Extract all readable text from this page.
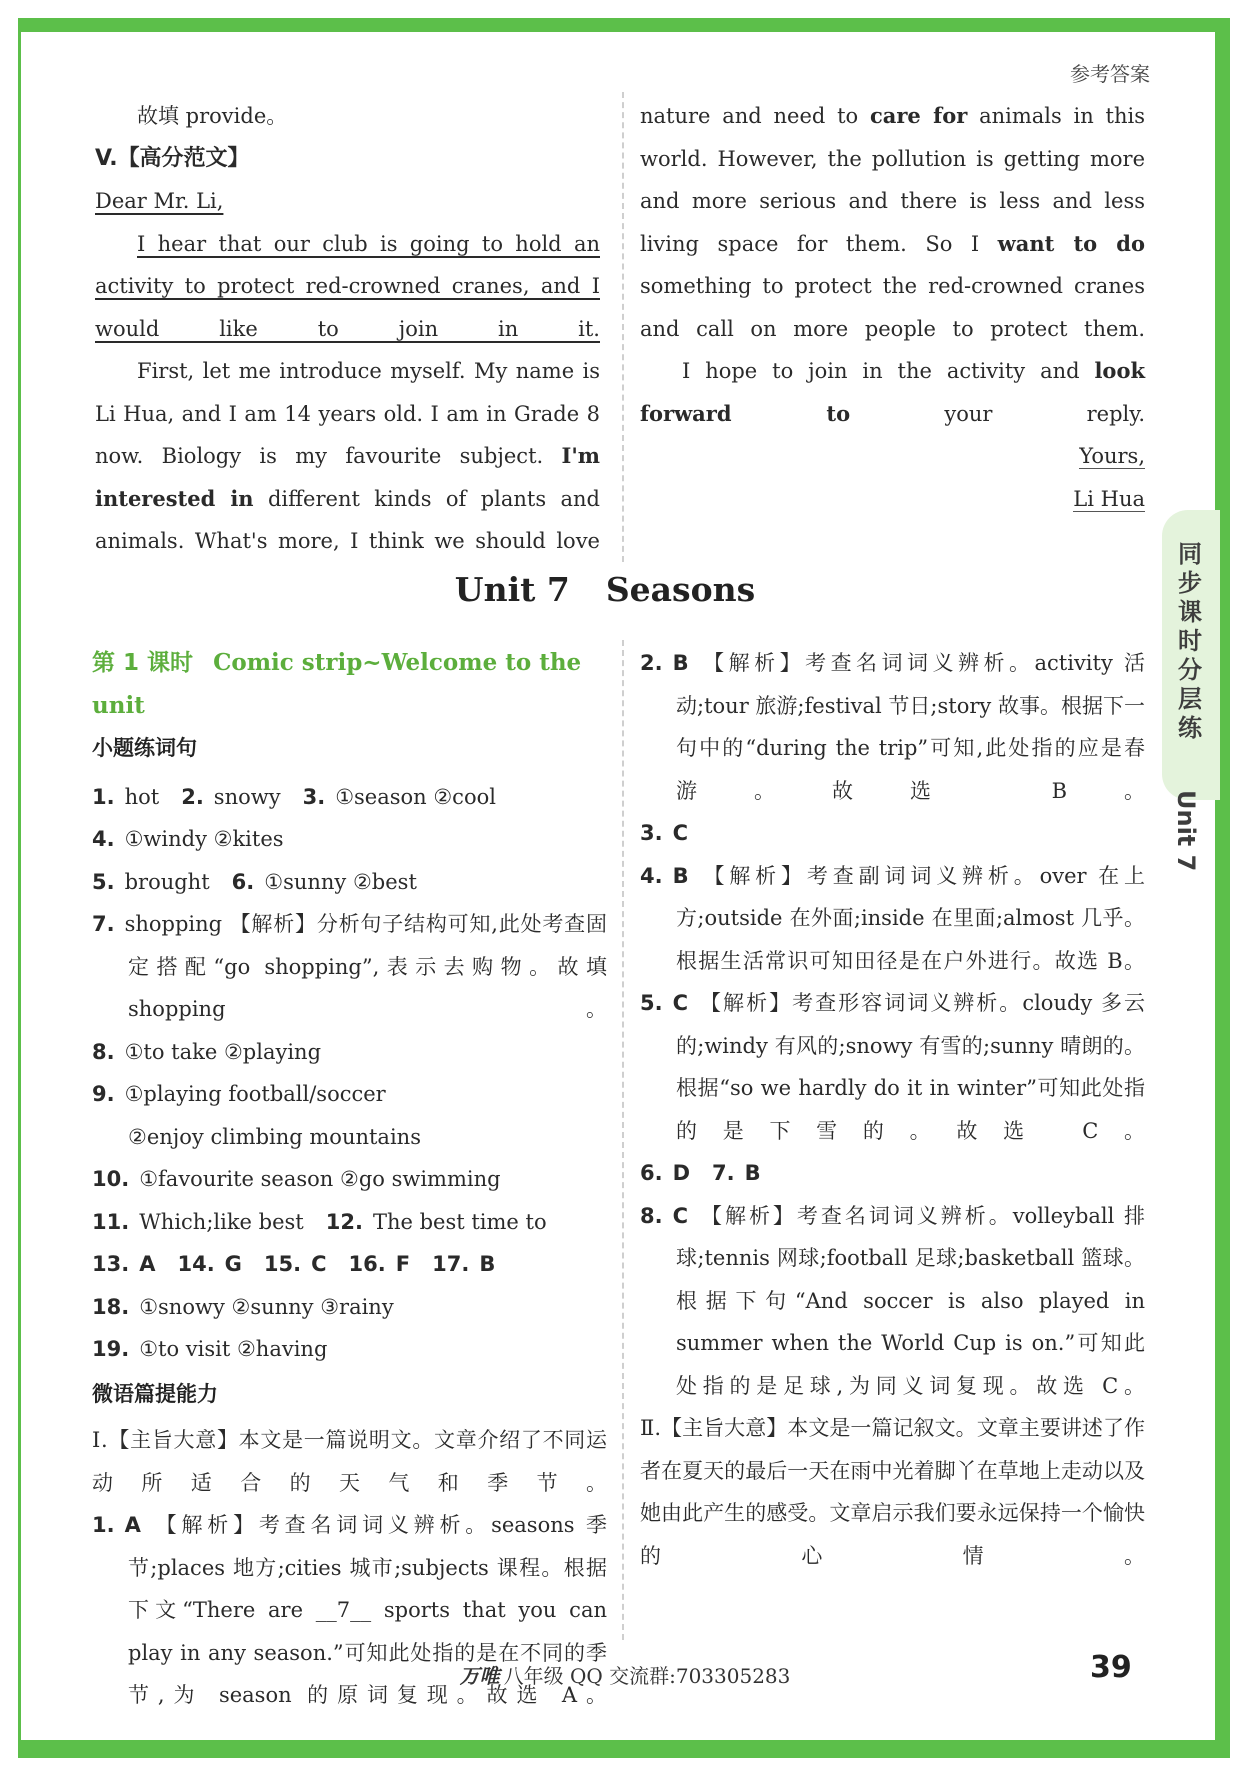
参考答案
同步课时分层练
Unit 7

故填 provide。

V.【高分范文】

Dear Mr. Li,

I hear that our club is going to hold an activity to protect red-crowned cranes, and I would like to join in it.

First, let me introduce myself. My name is Li Hua, and I am 14 years old. I am in Grade 8 now. Biology is my favourite subject. I'm interested in different kinds of plants and animals. What's more, I think we should love

nature and need to care for animals in this world. However, the pollution is getting more and more serious and there is less and less living space for them. So I want to do something to protect the red-crowned cranes and call on more people to protect them.

I hope to join in the activity and look forward to your reply.

Yours,

Li Hua

Unit 7 Seasons

第 1 课时 Comic strip~Welcome to the unit

小题练词句

1. hot 2. snowy 3. ①season ②cool

4. ①windy ②kites

5. brought 6. ①sunny ②best

7. shopping 【解析】分析句子结构可知,此处考查固定搭配“go shopping”,表示去购物。故填 shopping。

8. ①to take ②playing

9. ①playing football/soccer

②enjoy climbing mountains

10. ①favourite season ②go swimming

11. Which;like best 12. The best time to

13. A 14. G 15. C 16. F 17. B

18. ①snowy ②sunny ③rainy

19. ①to visit ②having

微语篇提能力

Ⅰ.【主旨大意】本文是一篇说明文。文章介绍了不同运动所适合的天气和季节。

1. A 【解析】考查名词词义辨析。seasons 季节;places 地方;cities 城市;subjects 课程。根据下文“There are __7__ sports that you can play in any season.”可知此处指的是在不同的季节,为 season 的原词复现。故选 A。

2. B 【解析】考查名词词义辨析。activity 活动;tour 旅游;festival 节日;story 故事。根据下一句中的“during the trip”可知,此处指的应是春游。故选 B。

3. C

4. B 【解析】考查副词词义辨析。over 在上方;outside 在外面;inside 在里面;almost 几乎。根据生活常识可知田径是在户外进行。故选 B。

5. C 【解析】考查形容词词义辨析。cloudy 多云的;windy 有风的;snowy 有雪的;sunny 晴朗的。根据“so we hardly do it in winter”可知此处指的是下雪的。故选 C。

6. D 7. B

8. C 【解析】考查名词词义辨析。volleyball 排球;tennis 网球;football 足球;basketball 篮球。根据下句“And soccer is also played in summer when the World Cup is on.”可知此处指的是足球,为同义词复现。故选 C。

Ⅱ.【主旨大意】本文是一篇记叙文。文章主要讲述了作者在夏天的最后一天在雨中光着脚丫在草地上走动以及她由此产生的感受。文章启示我们要永远保持一个愉快的心情。

万唯 八年级 QQ 交流群:703305283	39
